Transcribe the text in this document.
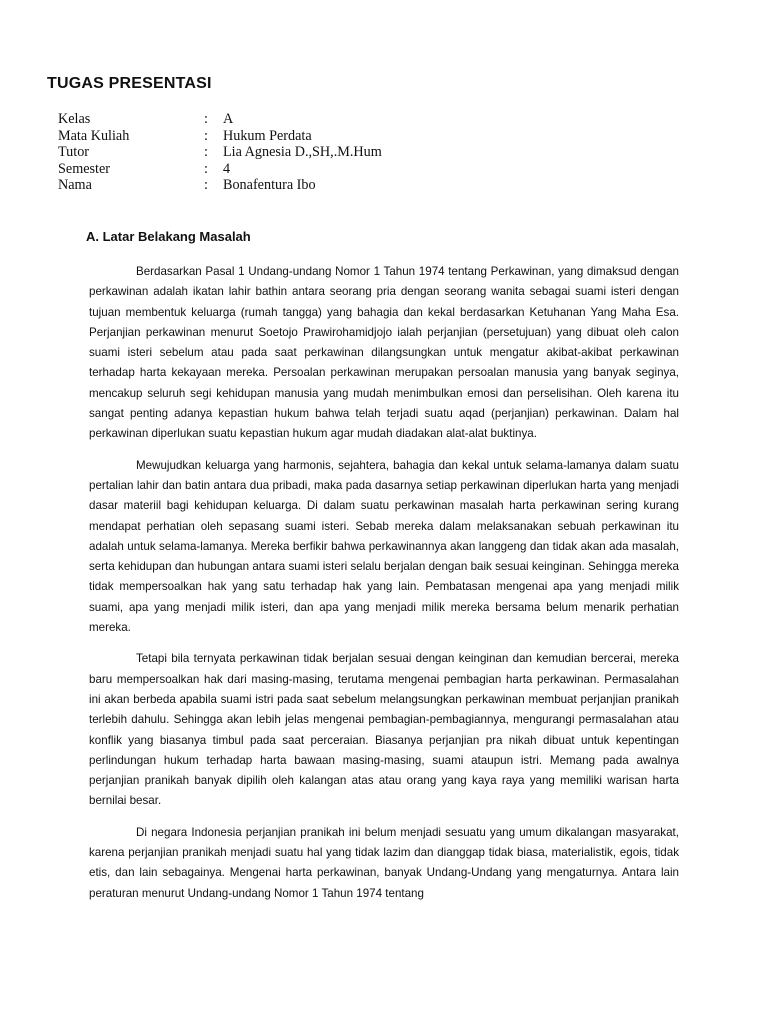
TUGAS PRESENTASI
Kelas	:	A
Mata Kuliah	:	Hukum Perdata
Tutor	:	Lia Agnesia D.,SH,.M.Hum
Semester	:	4
Nama	:	Bonafentura Ibo
A. Latar Belakang Masalah

Berdasarkan Pasal 1 Undang-undang Nomor 1 Tahun 1974 tentang Perkawinan, yang dimaksud dengan perkawinan adalah ikatan lahir bathin antara seorang pria dengan seorang wanita sebagai suami isteri dengan tujuan membentuk keluarga (rumah tangga) yang bahagia dan kekal berdasarkan Ketuhanan Yang Maha Esa. Perjanjian perkawinan menurut Soetojo Prawirohamidjojo ialah perjanjian (persetujuan) yang dibuat oleh calon suami isteri sebelum atau pada saat perkawinan dilangsungkan untuk mengatur akibat-akibat perkawinan terhadap harta kekayaan mereka. Persoalan perkawinan merupakan persoalan manusia yang banyak seginya, mencakup seluruh segi kehidupan manusia yang mudah menimbulkan emosi dan perselisihan. Oleh karena itu sangat penting adanya kepastian hukum bahwa telah terjadi suatu aqad (perjanjian) perkawinan. Dalam hal perkawinan diperlukan suatu kepastian hukum agar mudah diadakan alat-alat buktinya.

Mewujudkan keluarga yang harmonis, sejahtera, bahagia dan kekal untuk selama-lamanya dalam suatu pertalian lahir dan batin antara dua pribadi, maka pada dasarnya setiap perkawinan diperlukan harta yang menjadi dasar materiil bagi kehidupan keluarga. Di dalam suatu perkawinan masalah harta perkawinan sering kurang mendapat perhatian oleh sepasang suami isteri. Sebab mereka dalam melaksanakan sebuah perkawinan itu adalah untuk selama-lamanya. Mereka berfikir bahwa perkawinannya akan langgeng dan tidak akan ada masalah, serta kehidupan dan hubungan antara suami isteri selalu berjalan dengan baik sesuai keinginan. Sehingga mereka tidak mempersoalkan hak yang satu terhadap hak yang lain. Pembatasan mengenai apa yang menjadi milik suami, apa yang menjadi milik isteri, dan apa yang menjadi milik mereka bersama belum menarik perhatian mereka.

Tetapi bila ternyata perkawinan tidak berjalan sesuai dengan keinginan dan kemudian bercerai, mereka baru mempersoalkan hak dari masing-masing, terutama mengenai pembagian harta perkawinan. Permasalahan ini akan berbeda apabila suami istri pada saat sebelum melangsungkan perkawinan membuat perjanjian pranikah terlebih dahulu. Sehingga akan lebih jelas mengenai pembagian-pembagiannya, mengurangi permasalahan atau konflik yang biasanya timbul pada saat perceraian. Biasanya perjanjian pra nikah dibuat untuk kepentingan perlindungan hukum terhadap harta bawaan masing-masing, suami ataupun istri. Memang pada awalnya perjanjian pranikah banyak dipilih oleh kalangan atas atau orang yang kaya raya yang memiliki warisan harta bernilai besar.

Di negara Indonesia perjanjian pranikah ini belum menjadi sesuatu yang umum dikalangan masyarakat, karena perjanjian pranikah menjadi suatu hal yang tidak lazim dan dianggap tidak biasa, materialistik, egois, tidak etis, dan lain sebagainya. Mengenai harta perkawinan, banyak Undang-Undang yang mengaturnya. Antara lain peraturan menurut Undang-undang Nomor 1 Tahun 1974 tentang
